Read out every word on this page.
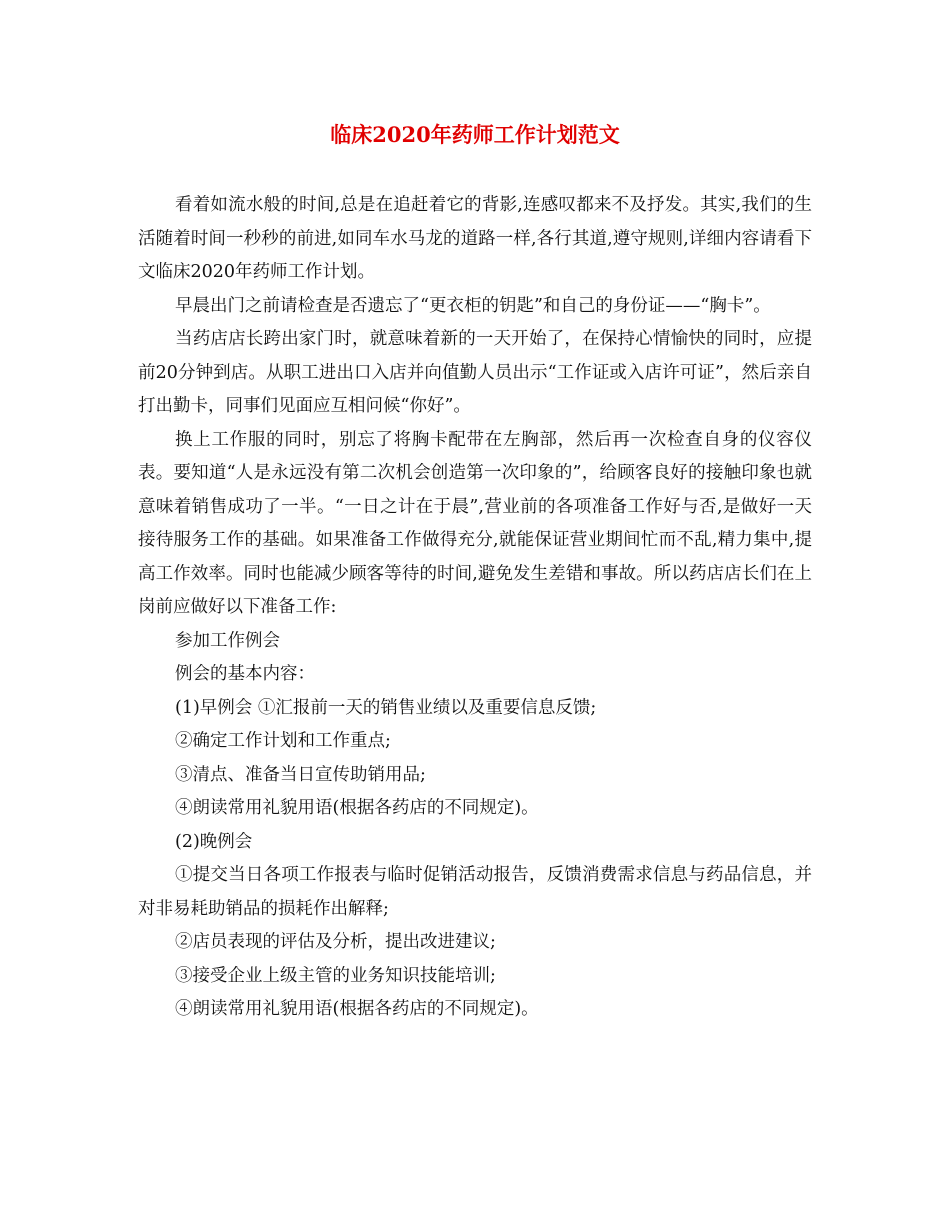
临床2020年药师工作计划范文

看着如流水般的时间,总是在追赶着它的背影,连感叹都来不及抒发。其实,我们的生活随着时间一秒秒的前进,如同车水马龙的道路一样,各行其道,遵守规则,详细内容请看下文临床2020年药师工作计划。

早晨出门之前请检查是否遗忘了“更衣柜的钥匙”和自己的身份证——“胸卡”。

当药店店长跨出家门时，就意味着新的一天开始了，在保持心情愉快的同时，应提前20分钟到店。从职工进出口入店并向值勤人员出示“工作证或入店许可证”，然后亲自打出勤卡，同事们见面应互相问候“你好”。

换上工作服的同时，别忘了将胸卡配带在左胸部，然后再一次检查自身的仪容仪表。要知道“人是永远没有第二次机会创造第一次印象的”，给顾客良好的接触印象也就意味着销售成功了一半。“一日之计在于晨”,营业前的各项准备工作好与否,是做好一天接待服务工作的基础。如果准备工作做得充分,就能保证营业期间忙而不乱,精力集中,提高工作效率。同时也能减少顾客等待的时间,避免发生差错和事故。所以药店店长们在上岗前应做好以下准备工作:

参加工作例会

例会的基本内容：

(1)早例会 ①汇报前一天的销售业绩以及重要信息反馈;

②确定工作计划和工作重点;

③清点、准备当日宣传助销用品;

④朗读常用礼貌用语(根据各药店的不同规定)。

(2)晚例会

①提交当日各项工作报表与临时促销活动报告，反馈消费需求信息与药品信息，并对非易耗助销品的损耗作出解释;

②店员表现的评估及分析，提出改进建议;

③接受企业上级主管的业务知识技能培训;

④朗读常用礼貌用语(根据各药店的不同规定)。
